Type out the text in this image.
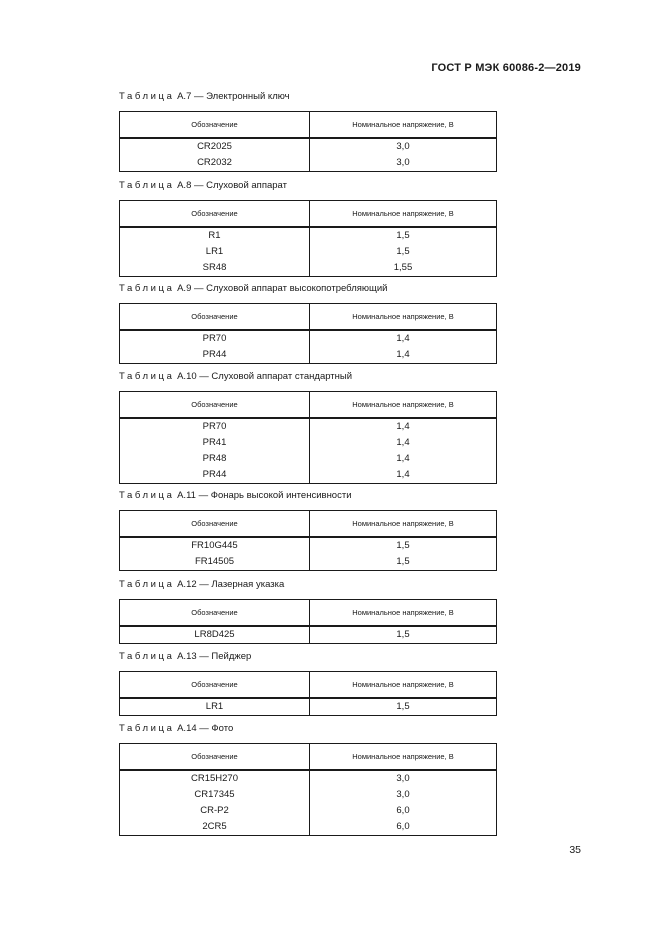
ГОСТ Р МЭК 60086-2—2019
Таблица А.7 — Электронный ключ
Обозначение	Номинальное напряжение, В
CR2025	3,0
CR2032	3,0
Таблица А.8 — Слуховой аппарат
Обозначение	Номинальное напряжение, В
R1	1,5
LR1	1,5
SR48	1,55
Таблица А.9 — Слуховой аппарат высокопотребляющий
Обозначение	Номинальное напряжение, В
PR70	1,4
PR44	1,4
Таблица А.10 — Слуховой аппарат стандартный
Обозначение	Номинальное напряжение, В
PR70	1,4
PR41	1,4
PR48	1,4
PR44	1,4
Таблица А.11 — Фонарь высокой интенсивности
Обозначение	Номинальное напряжение, В
FR10G445	1,5
FR14505	1,5
Таблица А.12 — Лазерная указка
Обозначение	Номинальное напряжение, В
LR8D425	1,5
Таблица А.13 — Пейджер
Обозначение	Номинальное напряжение, В
LR1	1,5
Таблица А.14 — Фото
Обозначение	Номинальное напряжение, В
CR15H270	3,0
CR17345	3,0
CR-P2	6,0
2CR5	6,0
35
